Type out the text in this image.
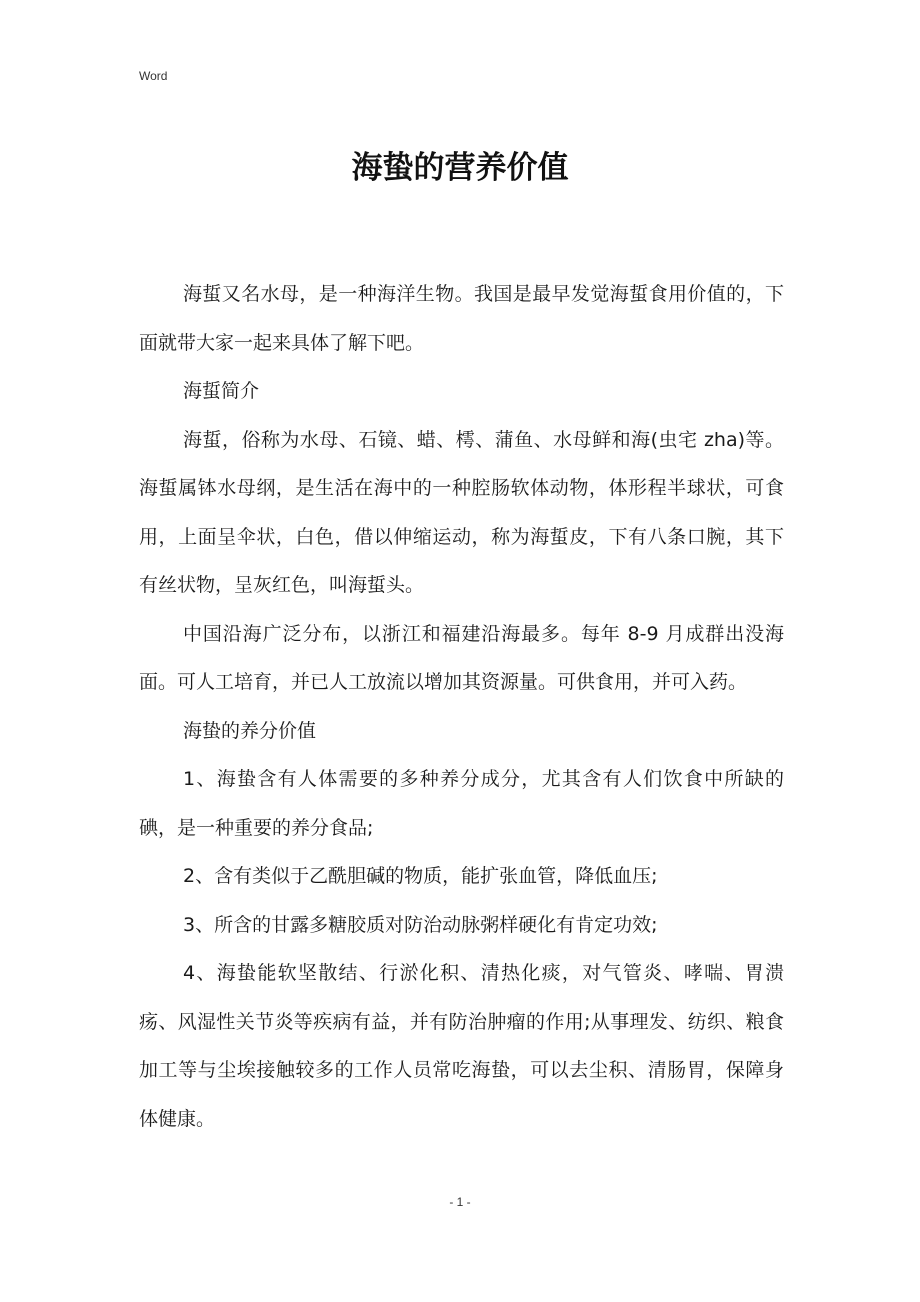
Word
海蛰的营养价值

海蜇又名水母，是一种海洋生物。我国是最早发觉海蜇食用价值的，下面就带大家一起来具体了解下吧。

海蜇简介

海蜇，俗称为水母、石镜、蜡、樗、蒲鱼、水母鲜和海(虫宅 zha)等。海蜇属钵水母纲，是生活在海中的一种腔肠软体动物，体形程半球状，可食用，上面呈伞状，白色，借以伸缩运动，称为海蜇皮，下有八条口腕，其下有丝状物，呈灰红色，叫海蜇头。

中国沿海广泛分布，以浙江和福建沿海最多。每年 8-9 月成群出没海面。可人工培育，并已人工放流以增加其资源量。可供食用，并可入药。

海蛰的养分价值

1、海蛰含有人体需要的多种养分成分，尤其含有人们饮食中所缺的碘，是一种重要的养分食品;

2、含有类似于乙酰胆碱的物质，能扩张血管，降低血压;

3、所含的甘露多糖胶质对防治动脉粥样硬化有肯定功效;

4、海蛰能软坚散结、行淤化积、清热化痰，对气管炎、哮喘、胃溃疡、风湿性关节炎等疾病有益，并有防治肿瘤的作用;从事理发、纺织、粮食加工等与尘埃接触较多的工作人员常吃海蛰，可以去尘积、清肠胃，保障身体健康。

- 1 -
